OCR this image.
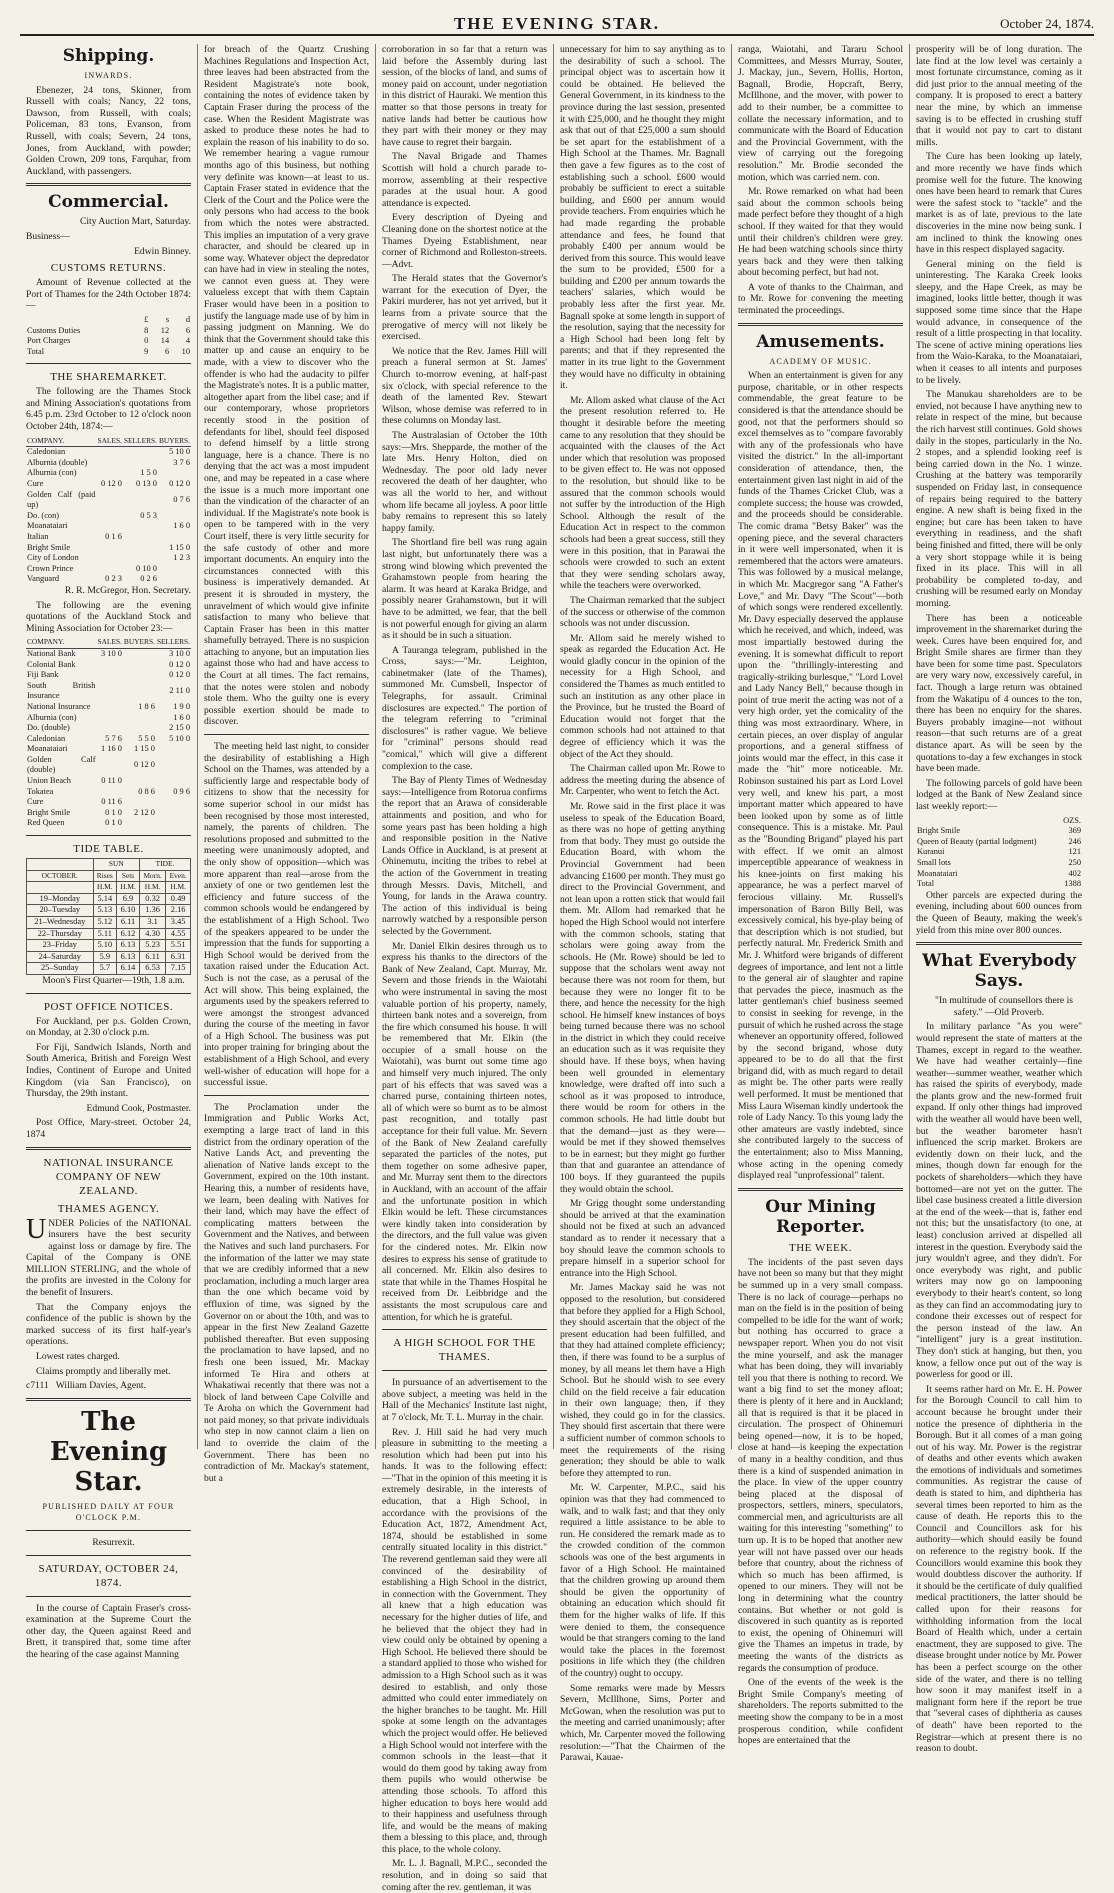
THE EVENING STAR.	October 24, 1874.
Shipping.
INWARDS.

Ebenezer, 24 tons, Skinner, from Russell with coals; Nancy, 22 tons, Dawson, from Russell, with coals; Policeman, 83 tons, Evanson, from Russell, with coals; Severn, 24 tons, Jones, from Auckland, with powder; Golden Crown, 209 tons, Farquhar, from Auckland, with passengers.

Commercial.

City Auction Mart, Saturday.

Business—

Edwin Binney.

CUSTOMS RETURNS.

Amount of Revenue collected at the Port of Thames for the 24th October 1874:—

	£	s	d
Customs Duties	8	12	6
Port Charges	0	14	4
Total	9	6	10
THE SHAREMARKET.

The following are the Thames Stock and Mining Association's quotations from 6.45 p.m. 23rd October to 12 o'clock noon October 24th, 1874:—

COMPANY.	SALES.	SELLERS.	BUYERS.
Caledonian			5 10 0
Alburnia (double)			3 7 6
Alburnia (con)		1 5 0	
Cure	0 12 0	0 13 0	0 12 0
Golden Calf (paid up)			0 7 6
Do. (con)		0 5 3	
Moanataiari			1 6 0
Italian	0 1 6		
Bright Smile			1 15 0
City of London			1 2 3
Crown Prince		0 10 0	
Vanguard	0 2 3	0 2 6	

R. R. McGregor, Hon. Secretary.

The following are the evening quotations of the Auckland Stock and Mining Association for October 23:—

COMPANY.	SALES.	BUYERS.	SELLERS.
National Bank	3 10 0		3 10 0
Colonial Bank			0 12 0
Fiji Bank			0 12 0
South British Insurance			2 11 0
National Insurance		1 8 6	1 9 0
Alburnia (con)			1 6 0
Do. (double)			2 15 0
Caledonian	5 7 6	5 5 0	5 10 0
Moanataiari	1 16 0	1 15 0	
Golden Calf (double)		0 12 0	
Union Beach	0 11 0		
Tokatea		0 8 6	0 9 6
Cure	0 11 6		
Bright Smile	0 1 0	2 12 0	
Red Queen	0 1 0		
TIDE TABLE.
	SUN		TIDE.	
OCTOBER.	Rises	Sets	Morn.	Even.
	H.M.	H.M.	H.M.	H.M.
19–Monday	5.14	6.9	0.32	0.49
20–Tuesday	5.13	6.10	1.36	2.16
21–Wednesday	5.12	6.11	3.1	3.45
22–Thursday	5.11	6.12	4.30	4.55
23–Friday	5.10	6.13	5.23	5.51
24–Saturday	5.9	6.13	6.11	6.31
25–Sunday	5.7	6.14	6.53	7.15

Moon's First Quarter—19th, 1.8 a.m.

POST OFFICE NOTICES.

For Auckland, per p.s. Golden Crown, on Monday, at 2.30 o'clock p.m.

For Fiji, Sandwich Islands, North and South America, British and Foreign West Indies, Continent of Europe and United Kingdom (via San Francisco), on Thursday, the 29th instant.

Edmund Cook, Postmaster.

Post Office, Mary-street. October 24, 1874

NATIONAL INSURANCE COMPANY OF NEW ZEALAND.
THAMES AGENCY.

UNDER Policies of the NATIONAL insurers have the best security against loss or damage by fire. The Capital of the Company is ONE MILLION STERLING, and the whole of the profits are invested in the Colony for the benefit of Insurers.

That the Company enjoys the confidence of the public is shown by the marked success of its first half-year's operations.

Lowest rates charged.

Claims promptly and liberally met.

c7111 William Davies, Agent.

The Evening Star.
PUBLISHED DAILY AT FOUR O'CLOCK P.M.

Resurrexit.

SATURDAY, OCTOBER 24, 1874.

In the course of Captain Fraser's cross-examination at the Supreme Court the other day, the Queen against Reed and Brett, it transpired that, some time after the hearing of the case against Manning

for breach of the Quartz Crushing Machines Regulations and Inspection Act, three leaves had been abstracted from the Resident Magistrate's note book, containing the notes of evidence taken by Captain Fraser during the process of the case. When the Resident Magistrate was asked to produce these notes he had to explain the reason of his inability to do so. We remember hearing a vague rumour months ago of this business, but nothing very definite was known—at least to us. Captain Fraser stated in evidence that the Clerk of the Court and the Police were the only persons who had access to the book from which the notes were abstracted. This implies an imputation of a very grave character, and should be cleared up in some way. Whatever object the depredator can have had in view in stealing the notes, we cannot even guess at. They were valueless except that with them Captain Fraser would have been in a position to justify the language made use of by him in passing judgment on Manning. We do think that the Government should take this matter up and cause an enquiry to be made, with a view to discover who the offender is who had the audacity to pilfer the Magistrate's notes. It is a public matter, altogether apart from the libel case; and if our contemporary, whose proprietors recently stood in the position of defendants for libel, should feel disposed to defend himself by a little strong language, here is a chance. There is no denying that the act was a most impudent one, and may be repeated in a case where the issue is a much more important one than the vindication of the character of an individual. If the Magistrate's note book is open to be tampered with in the very Court itself, there is very little security for the safe custody of other and more important documents. An enquiry into the circumstances connected with this business is imperatively demanded. At present it is shrouded in mystery, the unravelment of which would give infinite satisfaction to many who believe that Captain Fraser has been in this matter shamefully betrayed. There is no suspicion attaching to anyone, but an imputation lies against those who had and have access to the Court at all times. The fact remains, that the notes were stolen and nobody stole them. Who the guilty one is every possible exertion should be made to discover.

The meeting held last night, to consider the desirability of establishing a High School on the Thames, was attended by a sufficiently large and respectable body of citizens to show that the necessity for some superior school in our midst has been recognised by those most interested, namely, the parents of children. The resolutions proposed and submitted to the meeting were unanimously adopted, and the only show of opposition—which was more apparent than real—arose from the anxiety of one or two gentlemen lest the efficiency and future success of the common schools would be endangered by the establishment of a High School. Two of the speakers appeared to be under the impression that the funds for supporting a High School would be derived from the taxation raised under the Education Act. Such is not the case, as a perusal of the Act will show. This being explained, the arguments used by the speakers referred to were amongst the strongest advanced during the course of the meeting in favor of a High School. The business was put into proper training for bringing about the establishment of a High School, and every well-wisher of education will hope for a successful issue.

The Proclamation under the Immigration and Public Works Act, exempting a large tract of land in this district from the ordinary operation of the Native Lands Act, and preventing the alienation of Native lands except to the Government, expired on the 10th instant. Hearing this, a number of residents have, we learn, been dealing with Natives for their land, which may have the effect of complicating matters between the Government and the Natives, and between the Natives and such land purchasers. For the information of the latter we may state that we are credibly informed that a new proclamation, including a much larger area than the one which became void by effluxion of time, was signed by the Governor on or about the 10th, and was to appear in the first New Zealand Gazette published thereafter. But even supposing the proclamation to have lapsed, and no fresh one been issued, Mr. Mackay informed Te Hira and others at Whakatiwai recently that there was not a block of land between Cape Colville and Te Aroha on which the Government had not paid money, so that private individuals who step in now cannot claim a lien on land to override the claim of the Government. There has been no contradiction of Mr. Mackay's statement, but a

corroboration in so far that a return was laid before the Assembly during last session, of the blocks of land, and sums of money paid on account, under negotiation in this district of Hauraki. We mention this matter so that those persons in treaty for native lands had better be cautious how they part with their money or they may have cause to regret their bargain.

The Naval Brigade and Thames Scottish will hold a church parade to-morrow, assembling at their respective parades at the usual hour. A good attendance is expected.

Every description of Dyeing and Cleaning done on the shortest notice at the Thames Dyeing Establishment, near corner of Richmond and Rolleston-streets.—Advt.

The Herald states that the Governor's warrant for the execution of Dyer, the Pakiri murderer, has not yet arrived, but it learns from a private source that the prerogative of mercy will not likely be exercised.

We notice that the Rev. James Hill will preach a funeral sermon at St. James' Church to-morrow evening, at half-past six o'clock, with special reference to the death of the lamented Rev. Stewart Wilson, whose demise was referred to in these columns on Monday last.

The Australasian of October the 10th says:—Mrs. Shepparde, the mother of the late Mrs. Henry Holton, died on Wednesday. The poor old lady never recovered the death of her daughter, who was all the world to her, and without whom life became all joyless. A poor little baby remains to represent this so lately happy family.

The Shortland fire bell was rung again last night, but unfortunately there was a strong wind blowing which prevented the Grahamstown people from hearing the alarm. It was heard at Karaka Bridge, and possibly nearer Grahamstown, but it will have to be admitted, we fear, that the bell is not powerful enough for giving an alarm as it should be in such a situation.

A Tauranga telegram, published in the Cross, says:—"Mr. Leighton, cabinetmaker (late of the Thames), summoned Mr. Cumsbell, Inspector of Telegraphs, for assault. Criminal disclosures are expected." The portion of the telegram referring to "criminal disclosures" is rather vague. We believe for "criminal" persons should read "comical," which will give a different complexion to the case.

The Bay of Plenty Times of Wednesday says:—Intelligence from Rotorua confirms the report that an Arawa of considerable attainments and position, and who for some years past has been holding a high and responsible position in the Native Lands Office in Auckland, is at present at Ohinemutu, inciting the tribes to rebel at the action of the Government in treating through Messrs. Davis, Mitchell, and Young, for lands in the Arawa country. The action of this individual is being narrowly watched by a responsible person selected by the Government.

Mr. Daniel Elkin desires through us to express his thanks to the directors of the Bank of New Zealand, Capt. Murray, Mr. Severn and those friends in the Waiotahi who were instrumental in saving the most valuable portion of his property, namely, thirteen bank notes and a sovereign, from the fire which consumed his house. It will be remembered that Mr. Elkin (the occupier of a small house on the Waiotahi), was burnt out some time ago and himself very much injured. The only part of his effects that was saved was a charred purse, containing thirteen notes, all of which were so burnt as to be almost past recognition, and totally past acceptance for their full value. Mr. Severn of the Bank of New Zealand carefully separated the particles of the notes, put them together on some adhesive paper, and Mr. Murray sent them to the directors in Auckland, with an account of the affair and the unfortunate position in which Elkin would be left. These circumstances were kindly taken into consideration by the directors, and the full value was given for the cindered notes. Mr. Elkin now desires to express his sense of gratitude to all concerned. Mr. Elkin also desires to state that while in the Thames Hospital he received from Dr. Leibbridge and the assistants the most scrupulous care and attention, for which he is grateful.

A HIGH SCHOOL FOR THE THAMES.

In pursuance of an advertisement to the above subject, a meeting was held in the Hall of the Mechanics' Institute last night, at 7 o'clock, Mr. T. L. Murray in the chair.

Rev. J. Hill said he had very much pleasure in submitting to the meeting a resolution which had been put into his hands. It was to the following effect:—"That in the opinion of this meeting it is extremely desirable, in the interests of education, that a High School, in accordance with the provisions of the Education Act, 1872, Amendment Act, 1874, should be established in some centrally situated locality in this district." The reverend gentleman said they were all convinced of the desirability of establishing a High School in the district, in connection with the Government. They all knew that a high education was necessary for the higher duties of life, and he believed that the object they had in view could only be obtained by opening a High School. He believed there should be a standard applied to those who wished for admission to a High School such as it was desired to establish, and only those admitted who could enter immediately on the higher branches to be taught. Mr. Hill spoke at some length on the advantages which the project would offer. He believed a High School would not interfere with the common schools in the least—that it would do them good by taking away from them pupils who would otherwise be attending those schools. To afford this higher education to boys here would add to their happiness and usefulness through life, and would be the means of making them a blessing to this place, and, through this place, to the whole colony.

Mr. L. J. Bagnall, M.P.C., seconded the resolution, and in doing so said that coming after the rev. gentleman, it was

unnecessary for him to say anything as to the desirability of such a school. The principal object was to ascertain how it could be obtained. He believed the General Government, in its kindness to the province during the last session, presented it with £25,000, and he thought they might ask that out of that £25,000 a sum should be set apart for the establishment of a High School at the Thames. Mr. Bagnall then gave a few figures as to the cost of establishing such a school. £600 would probably be sufficient to erect a suitable building, and £600 per annum would provide teachers. From enquiries which he had made regarding the probable attendance and fees, he found that probably £400 per annum would be derived from this source. This would leave the sum to be provided, £500 for a building and £200 per annum towards the teachers' salaries, which would be probably less after the first year. Mr. Bagnall spoke at some length in support of the resolution, saying that the necessity for a High School had been long felt by parents; and that if they represented the matter in its true light to the Government they would have no difficulty in obtaining it.

Mr. Allom asked what clause of the Act the present resolution referred to. He thought it desirable before the meeting came to any resolution that they should be acquainted with the clauses of the Act under which that resolution was proposed to be given effect to. He was not opposed to the resolution, but should like to be assured that the common schools would not suffer by the introduction of the High School. Although the result of the Education Act in respect to the common schools had been a great success, still they were in this position, that in Parawai the schools were crowded to such an extent that they were sending scholars away, while the teachers were overworked.

The Chairman remarked that the subject of the success or otherwise of the common schools was not under discussion.

Mr. Allom said he merely wished to speak as regarded the Education Act. He would gladly concur in the opinion of the necessity for a High School, and considered the Thames as much entitled to such an institution as any other place in the Province, but he trusted the Board of Education would not forget that the common schools had not attained to that degree of efficiency which it was the object of the Act they should.

The Chairman called upon Mr. Rowe to address the meeting during the absence of Mr. Carpenter, who went to fetch the Act.

Mr. Rowe said in the first place it was useless to speak of the Education Board, as there was no hope of getting anything from that body. They must go outside the Education Board, with whom the Provincial Government had been advancing £1600 per month. They must go direct to the Provincial Government, and not lean upon a rotten stick that would fail them. Mr. Allom had remarked that he hoped the High School would not interfere with the common schools, stating that scholars were going away from the schools. He (Mr. Rowe) should be led to suppose that the scholars went away not because there was not room for them, but because they were no longer fit to be there, and hence the necessity for the high school. He himself knew instances of boys being turned because there was no school in the district in which they could receive an education such as it was requisite they should have. If these boys, when having been well grounded in elementary knowledge, were drafted off into such a school as it was proposed to introduce, there would be room for others in the common schools. He had little doubt but that the demand—just as they were—would be met if they showed themselves to be in earnest; but they might go further than that and guarantee an attendance of 100 boys. If they guaranteed the pupils they would obtain the school.

Mr Grigg thought some understanding should be arrived at that the examination should not be fixed at such an advanced standard as to render it necessary that a boy should leave the common schools to prepare himself in a superior school for entrance into the High School.

Mr. James Mackay said he was not opposed to the resolution, but considered that before they applied for a High School, they should ascertain that the object of the present education had been fulfilled, and that they had attained complete efficiency; then, if there was found to be a surplus of money, by all means let them have a High School. But he should wish to see every child on the field receive a fair education in their own language; then, if they wished, they could go in for the classics. They should first ascertain that there were a sufficient number of common schools to meet the requirements of the rising generation; they should be able to walk before they attempted to run.

Mr. W. Carpenter, M.P.C., said his opinion was that they had commenced to walk, and to walk fast; and that they only required a little assistance to be able to run. He considered the remark made as to the crowded condition of the common schools was one of the best arguments in favor of a High School. He maintained that the children growing up around them should be given the opportunity of obtaining an education which should fit them for the higher walks of life. If this were denied to them, the consequence would be that strangers coming to the land would take the places in the foremost positions in life which they (the children of the country) ought to occupy.

Some remarks were made by Messrs Severn, McIllhone, Sims, Porter and McGowan, when the resolution was put to the meeting and carried unanimously; after which, Mr. Carpenter moved the following resolution:—"That the Chairmen of the Parawai, Kauae-

ranga, Waiotahi, and Tararu School Committees, and Messrs Murray, Souter, J. Mackay, jun., Severn, Hollis, Horton, Bagnall, Brodie, Hopcraft, Berry, McIllhone, and the mover, with power to add to their number, be a committee to collate the necessary information, and to communicate with the Board of Education and the Provincial Government, with the view of carrying out the foregoing resolution." Mr. Brodie seconded the motion, which was carried nem. con.

Mr. Rowe remarked on what had been said about the common schools being made perfect before they thought of a high school. If they waited for that they would until their children's children were grey. He had been watching schools since thirty years back and they were then talking about becoming perfect, but had not.

A vote of thanks to the Chairman, and to Mr. Rowe for convening the meeting terminated the proceedings.

Amusements.
ACADEMY OF MUSIC.

When an entertainment is given for any purpose, charitable, or in other respects commendable, the great feature to be considered is that the attendance should be good, not that the performers should so excel themselves as to "compare favorably with any of the professionals who have visited the district." In the all-important consideration of attendance, then, the entertainment given last night in aid of the funds of the Thames Cricket Club, was a complete success; the house was crowded, and the proceeds should be considerable. The comic drama "Betsy Baker" was the opening piece, and the several characters in it were well impersonated, when it is remembered that the actors were amateurs. This was followed by a musical melange, in which Mr. Macgregor sang "A Father's Love," and Mr. Davy "The Scout"—both of which songs were rendered excellently. Mr. Davy especially deserved the applause which he received, and which, indeed, was most impartially bestowed during the evening. It is somewhat difficult to report upon the "thrillingly-interesting and tragically-striking burlesque," "Lord Lovel and Lady Nancy Bell," because though in point of true merit the acting was not of a very high order, yet the comicality of the thing was most extraordinary. Where, in certain pieces, an over display of angular proportions, and a general stiffness of joints would mar the effect, in this case it made the "hit" more noticeable. Mr. Robinson sustained his part as Lord Lovel very well, and knew his part, a most important matter which appeared to have been looked upon by some as of little consequence. This is a mistake. Mr. Paul as the "Bounding Brigand" played his part with effect. If we omit an almost imperceptible appearance of weakness in his knee-joints on first making his appearance, he was a perfect marvel of ferocious villainy. Mr. Russell's impersonation of Baron Billy Bell, was excessively comical, his bye-play being of that description which is not studied, but perfectly natural. Mr. Frederick Smith and Mr. J. Whitford were brigands of different degrees of importance, and lent not a little to the general air of slaughter and rapine that pervades the piece, inasmuch as the latter gentleman's chief business seemed to consist in seeking for revenge, in the pursuit of which he rushed across the stage whenever an opportunity offered, followed by the second brigand, whose duty appeared to be to do all that the first brigand did, with as much regard to detail as might be. The other parts were really well performed. It must be mentioned that Miss Laura Wiseman kindly undertook the role of Lady Nancy. To this young lady the other amateurs are vastly indebted, since she contributed largely to the success of the entertainment; also to Miss Manning, whose acting in the opening comedy displayed real "unprofessional" talent.

Our Mining Reporter.
THE WEEK.

The incidents of the past seven days have not been so many but that they might be summed up in a very small compass. There is no lack of courage—perhaps no man on the field is in the position of being compelled to be idle for the want of work; but nothing has occurred to grace a newspaper report. When you do not visit the mine yourself, and ask the manager what has been doing, they will invariably tell you that there is nothing to record. We want a big find to set the money afloat; there is plenty of it here and in Auckland; all that is required is that it be placed in circulation. The prospect of Ohinemuri being opened—now, it is to be hoped, close at hand—is keeping the expectation of many in a healthy condition, and thus there is a kind of suspended animation in the place. In view of the upper country being placed at the disposal of prospectors, settlers, miners, speculators, commercial men, and agriculturists are all waiting for this interesting "something" to turn up. It is to be hoped that another new year will not have passed over our heads before that country, about the richness of which so much has been affirmed, is opened to our miners. They will not be long in determining what the country contains. But whether or not gold is discovered in such quantity as is reported to exist, the opening of Ohinemuri will give the Thames an impetus in trade, by meeting the wants of the districts as regards the consumption of produce.

One of the events of the week is the Bright Smile Company's meeting of shareholders. The reports submitted to the meeting show the company to be in a most prosperous condition, while confident hopes are entertained that the

prosperity will be of long duration. The late find at the low level was certainly a most fortunate circumstance, coming as it did just prior to the annual meeting of the company. It is proposed to erect a battery near the mine, by which an immense saving is to be effected in crushing stuff that it would not pay to cart to distant mills.

The Cure has been looking up lately, and more recently we have finds which promise well for the future. The knowing ones have been heard to remark that Cures were the safest stock to "tackle" and the market is as of late, previous to the late discoveries in the mine now being sunk. I am inclined to think the knowing ones have in this respect displayed sagacity.

General mining on the field is uninteresting. The Karaka Creek looks sleepy, and the Hape Creek, as may be imagined, looks little better, though it was supposed some time since that the Hape would advance, in consequence of the result of a little prospecting in that locality. The scene of active mining operations lies from the Waio-Karaka, to the Moanataiari, when it ceases to all intents and purposes to be lively.

The Manukau shareholders are to be envied, not because I have anything new to relate in respect of the mine, but because the rich harvest still continues. Gold shows daily in the stopes, particularly in the No. 2 stopes, and a splendid looking reef is being carried down in the No. 1 winze. Crushing at the battery was temporarily suspended on Friday last, in consequence of repairs being required to the battery engine. A new shaft is being fixed in the engine; but care has been taken to have everything in readiness, and the shaft being finished and fitted, there will be only a very short stoppage while it is being fixed in its place. This will in all probability be completed to-day, and crushing will be resumed early on Monday morning.

There has been a noticeable improvement in the sharemarket during the week. Cures have been enquired for, and Bright Smile shares are firmer than they have been for some time past. Speculators are very wary now, excessively careful, in fact. Though a large return was obtained from the Wakatipu of 4 ounces to the ton, there has been no enquiry for the shares. Buyers probably imagine—not without reason—that such returns are of a great distance apart. As will be seen by the quotations to-day a few exchanges in stock have been made.

The following parcels of gold have been lodged at the Bank of New Zealand since last weekly report:—

	OZS.
Bright Smile	369
Queen of Beauty (partial lodgment)	246
Kuranui	121
Small lots	250
Moanataiari	402
Total	1388

Other parcels are expected during the evening, including about 600 ounces from the Queen of Beauty, making the week's yield from this mine over 800 ounces.

What Everybody Says.

"In multitude of counsellors there is safety." —Old Proverb.

In military parlance "As you were" would represent the state of matters at the Thames, except in regard to the weather. We have had weather certainly—fine weather—summer weather, weather which has raised the spirits of everybody, made the plants grow and the new-formed fruit expand. If only other things had improved with the weather all would have been well, but the weather barometer hasn't influenced the scrip market. Brokers are evidently down on their luck, and the mines, though down far enough for the pockets of shareholders—which they have bottomed—are not yet on the gutter. The libel case business created a little diversion at the end of the week—that is, father end not this; but the unsatisfactory (to one, at least) conclusion arrived at dispelled all interest in the question. Everybody said the jury wouldn't agree, and they didn't. For once everybody was right, and public writers may now go on lampooning everybody to their heart's content, so long as they can find an accommodating jury to condone their excesses out of respect for the person instead of the law. An "intelligent" jury is a great institution. They don't stick at hanging, but then, you know, a fellow once put out of the way is powerless for good or ill.

It seems rather hard on Mr. E. H. Power for the Borough Council to call him to account because he brought under their notice the presence of diphtheria in the Borough. But it all comes of a man going out of his way. Mr. Power is the registrar of deaths and other events which awaken the emotions of individuals and sometimes communities. As registrar the cause of death is stated to him, and diphtheria has several times been reported to him as the cause of death. He reports this to the Council and Councillors ask for his authority—which should easily be found on reference to the registry book. If the Councillors would examine this book they would doubtless discover the authority. If it should be the certificate of duly qualified medical practitioners, the latter should be called upon for their reasons for withholding information from the local Board of Health which, under a certain enactment, they are supposed to give. The disease brought under notice by Mr. Power has been a perfect scourge on the other side of the water, and there is no telling how soon it may manifest itself in a malignant form here if the report be true that "several cases of diphtheria as causes of death" have been reported to the Registrar—which at present there is no reason to doubt.
